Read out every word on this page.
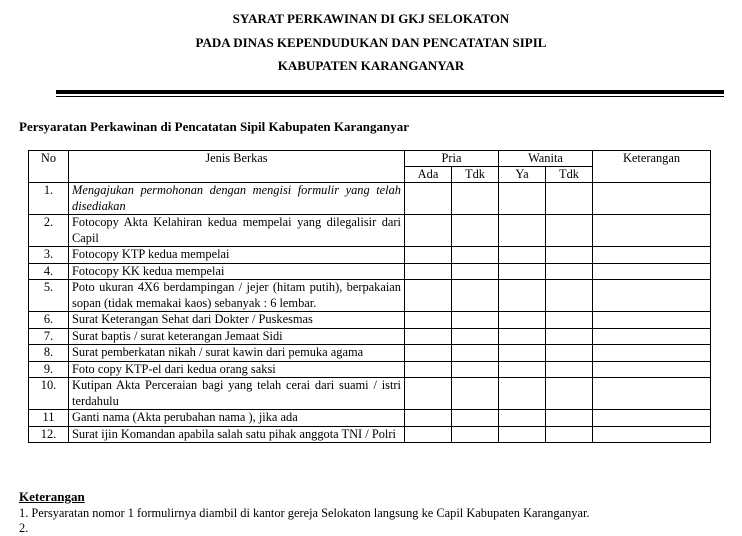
SYARAT PERKAWINAN DI GKJ SELOKATON
PADA DINAS KEPENDUDUKAN DAN PENCATATAN SIPIL
KABUPATEN KARANGANYAR
Persyaratan Perkawinan di Pencatatan Sipil Kabupaten Karanganyar
No	Jenis Berkas	Pria		Wanita		Keterangan
		Ada	Tdk	Ya	Tdk	
1.	Mengajukan permohonan dengan mengisi formulir yang telah disediakan					
2.	Fotocopy Akta Kelahiran kedua mempelai yang dilegalisir dari Capil					
3.	Fotocopy KTP kedua mempelai					
4.	Fotocopy KK kedua mempelai					
5.	Poto ukuran 4X6 berdampingan / jejer (hitam putih), berpakaian sopan (tidak memakai kaos) sebanyak : 6 lembar.					
6.	Surat Keterangan Sehat dari Dokter / Puskesmas					
7.	Surat baptis / surat keterangan Jemaat Sidi					
8.	Surat pemberkatan nikah / surat kawin dari pemuka agama					
9.	Foto copy KTP-el dari kedua orang saksi					
10.	Kutipan Akta Perceraian bagi yang telah cerai dari suami / istri terdahulu					
11	Ganti nama (Akta perubahan nama ), jika ada					
12.	Surat ijin Komandan apabila salah satu pihak anggota TNI / Polri					
Keterangan
1. Persyaratan nomor 1 formulirnya diambil di kantor gereja Selokaton langsung ke Capil Kabupaten Karanganyar.
2.
